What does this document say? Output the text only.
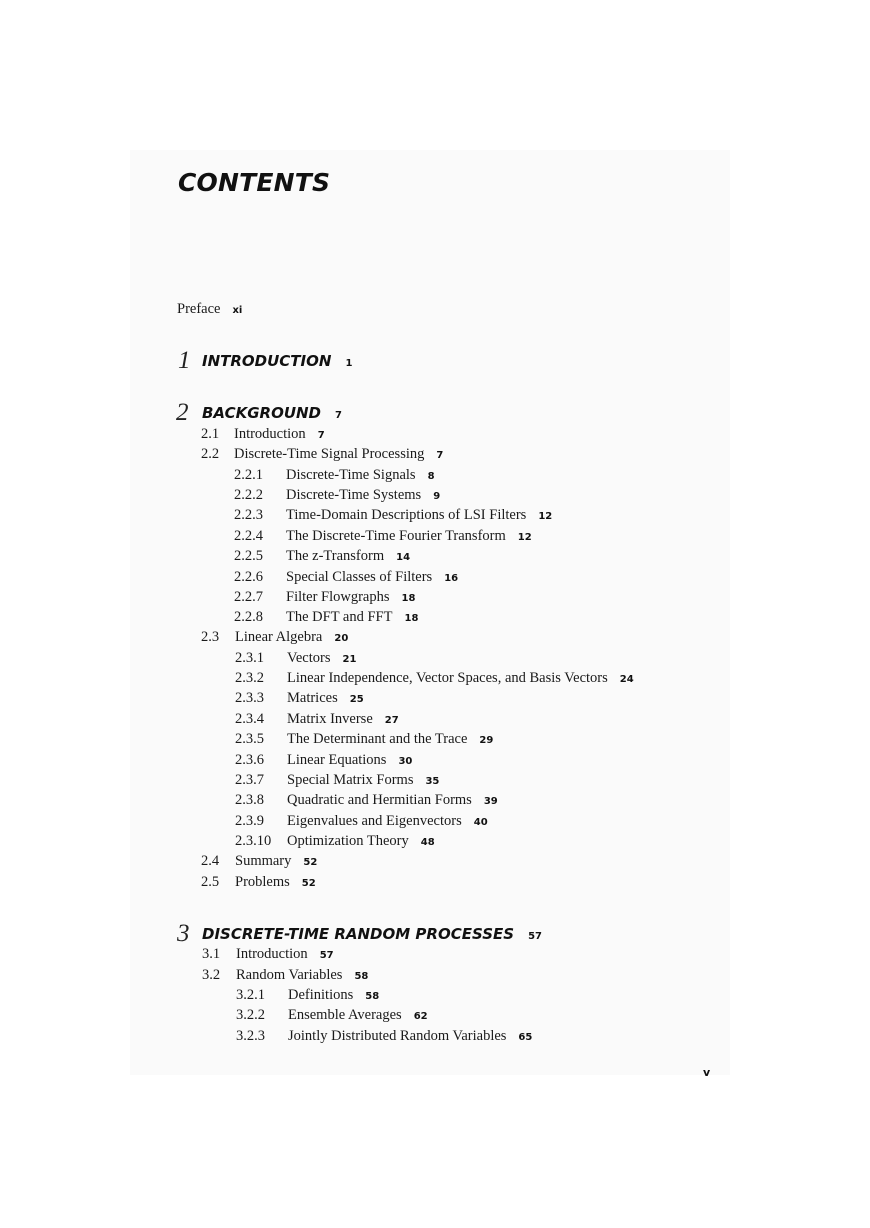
CONTENTS
Preface xi
1 INTRODUCTION 1
2 BACKGROUND 7
2.1 Introduction 7
2.2 Discrete-Time Signal Processing 7
2.2.1 Discrete-Time Signals 8
2.2.2 Discrete-Time Systems 9
2.2.3 Time-Domain Descriptions of LSI Filters 12
2.2.4 The Discrete-Time Fourier Transform 12
2.2.5 The z-Transform 14
2.2.6 Special Classes of Filters 16
2.2.7 Filter Flowgraphs 18
2.2.8 The DFT and FFT 18
2.3 Linear Algebra 20
2.3.1 Vectors 21
2.3.2 Linear Independence, Vector Spaces, and Basis Vectors 24
2.3.3 Matrices 25
2.3.4 Matrix Inverse 27
2.3.5 The Determinant and the Trace 29
2.3.6 Linear Equations 30
2.3.7 Special Matrix Forms 35
2.3.8 Quadratic and Hermitian Forms 39
2.3.9 Eigenvalues and Eigenvectors 40
2.3.10 Optimization Theory 48
2.4 Summary 52
2.5 Problems 52
3 DISCRETE-TIME RANDOM PROCESSES 57
3.1 Introduction 57
3.2 Random Variables 58
3.2.1 Definitions 58
3.2.2 Ensemble Averages 62
3.2.3 Jointly Distributed Random Variables 65
v
